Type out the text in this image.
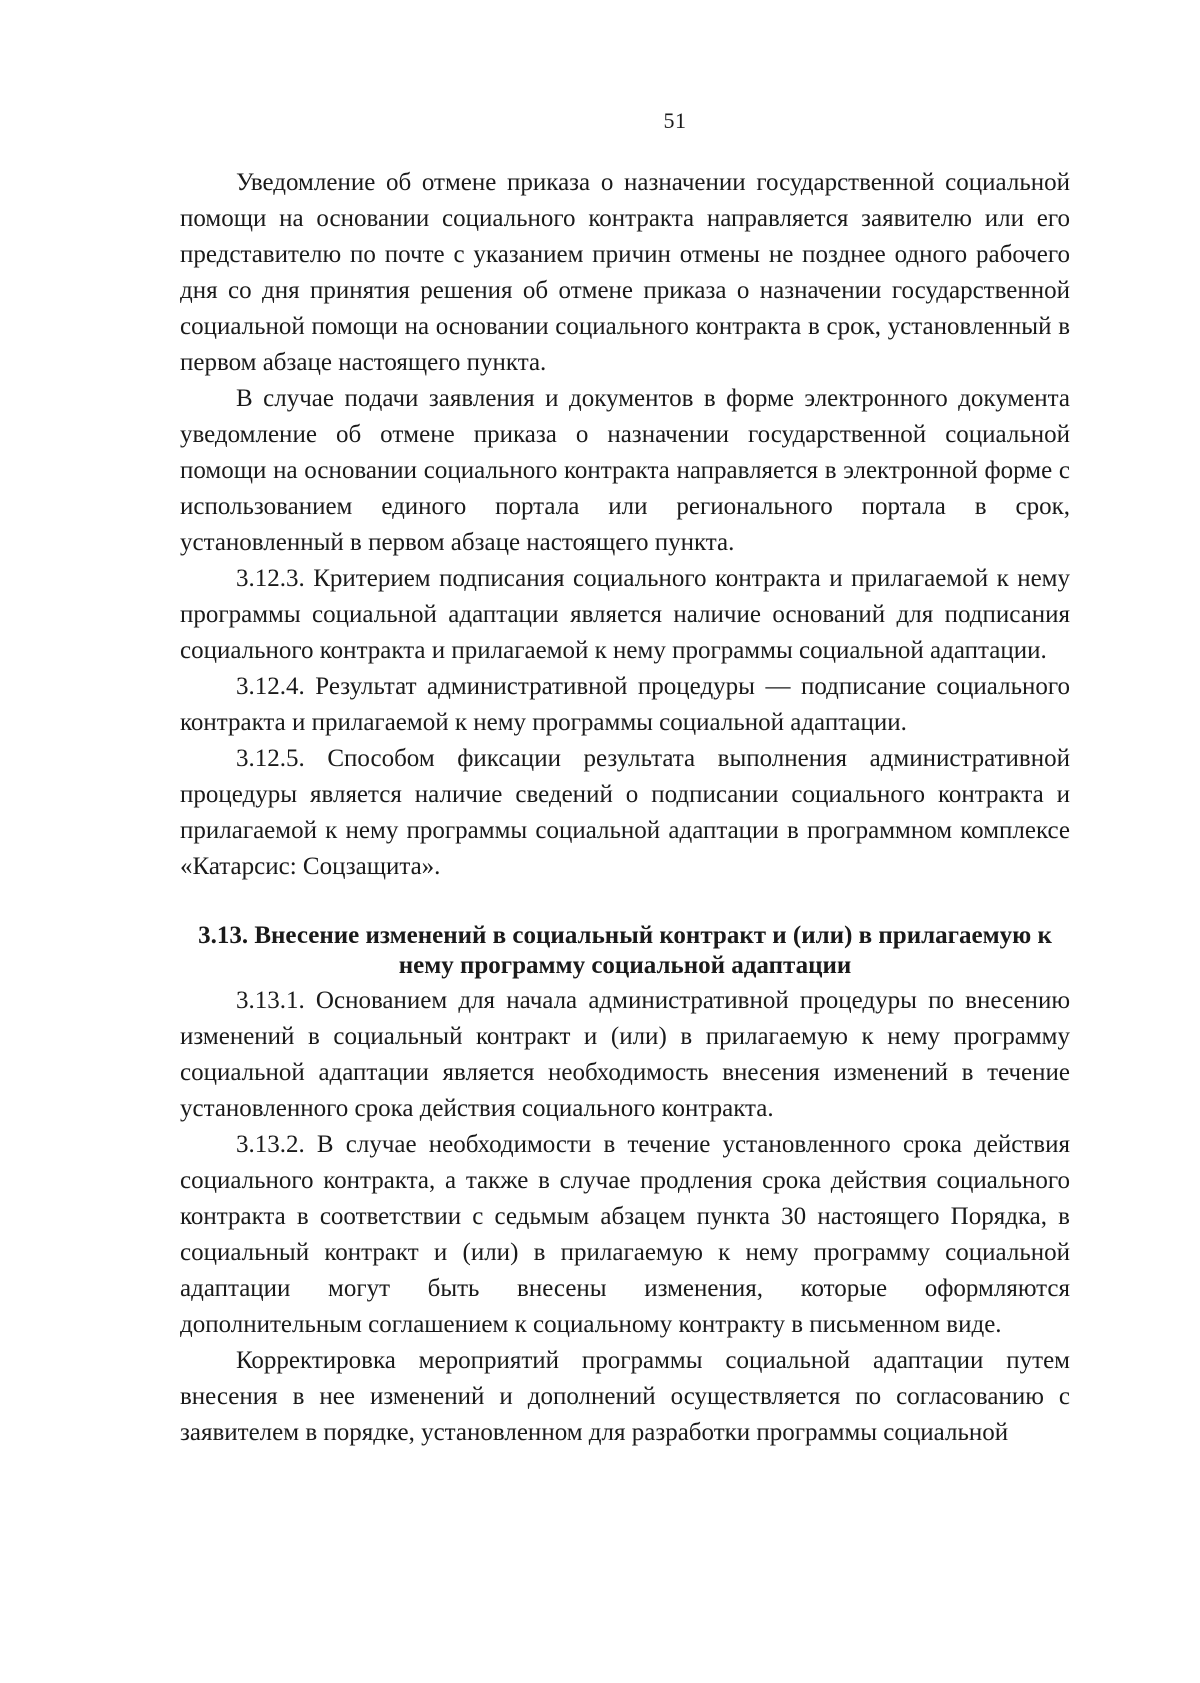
51

Уведомление об отмене приказа о назначении государственной социальной помощи на основании социального контракта направляется заявителю или его представителю по почте с указанием причин отмены не позднее одного рабочего дня со дня принятия решения об отмене приказа о назначении государственной социальной помощи на основании социального контракта в срок, установленный в первом абзаце настоящего пункта.

В случае подачи заявления и документов в форме электронного документа уведомление об отмене приказа о назначении государственной социальной помощи на основании социального контракта направляется в электронной форме с использованием единого портала или регионального портала в срок, установленный в первом абзаце настоящего пункта.

3.12.3. Критерием подписания социального контракта и прилагаемой к нему программы социальной адаптации является наличие оснований для подписания социального контракта и прилагаемой к нему программы социальной адаптации.

3.12.4. Результат административной процедуры — подписание социального контракта и прилагаемой к нему программы социальной адаптации.

3.12.5. Способом фиксации результата выполнения административной процедуры является наличие сведений о подписании социального контракта и прилагаемой к нему программы социальной адаптации в программном комплексе «Катарсис: Соцзащита».

3.13. Внесение изменений в социальный контракт и (или) в прилагаемую к нему программу социальной адаптации

3.13.1. Основанием для начала административной процедуры по внесению изменений в социальный контракт и (или) в прилагаемую к нему программу социальной адаптации является необходимость внесения изменений в течение установленного срока действия социального контракта.

3.13.2. В случае необходимости в течение установленного срока действия социального контракта, а также в случае продления срока действия социального контракта в соответствии с седьмым абзацем пункта 30 настоящего Порядка, в социальный контракт и (или) в прилагаемую к нему программу социальной адаптации могут быть внесены изменения, которые оформляются дополнительным соглашением к социальному контракту в письменном виде.

Корректировка мероприятий программы социальной адаптации путем внесения в нее изменений и дополнений осуществляется по согласованию с заявителем в порядке, установленном для разработки программы социальной
